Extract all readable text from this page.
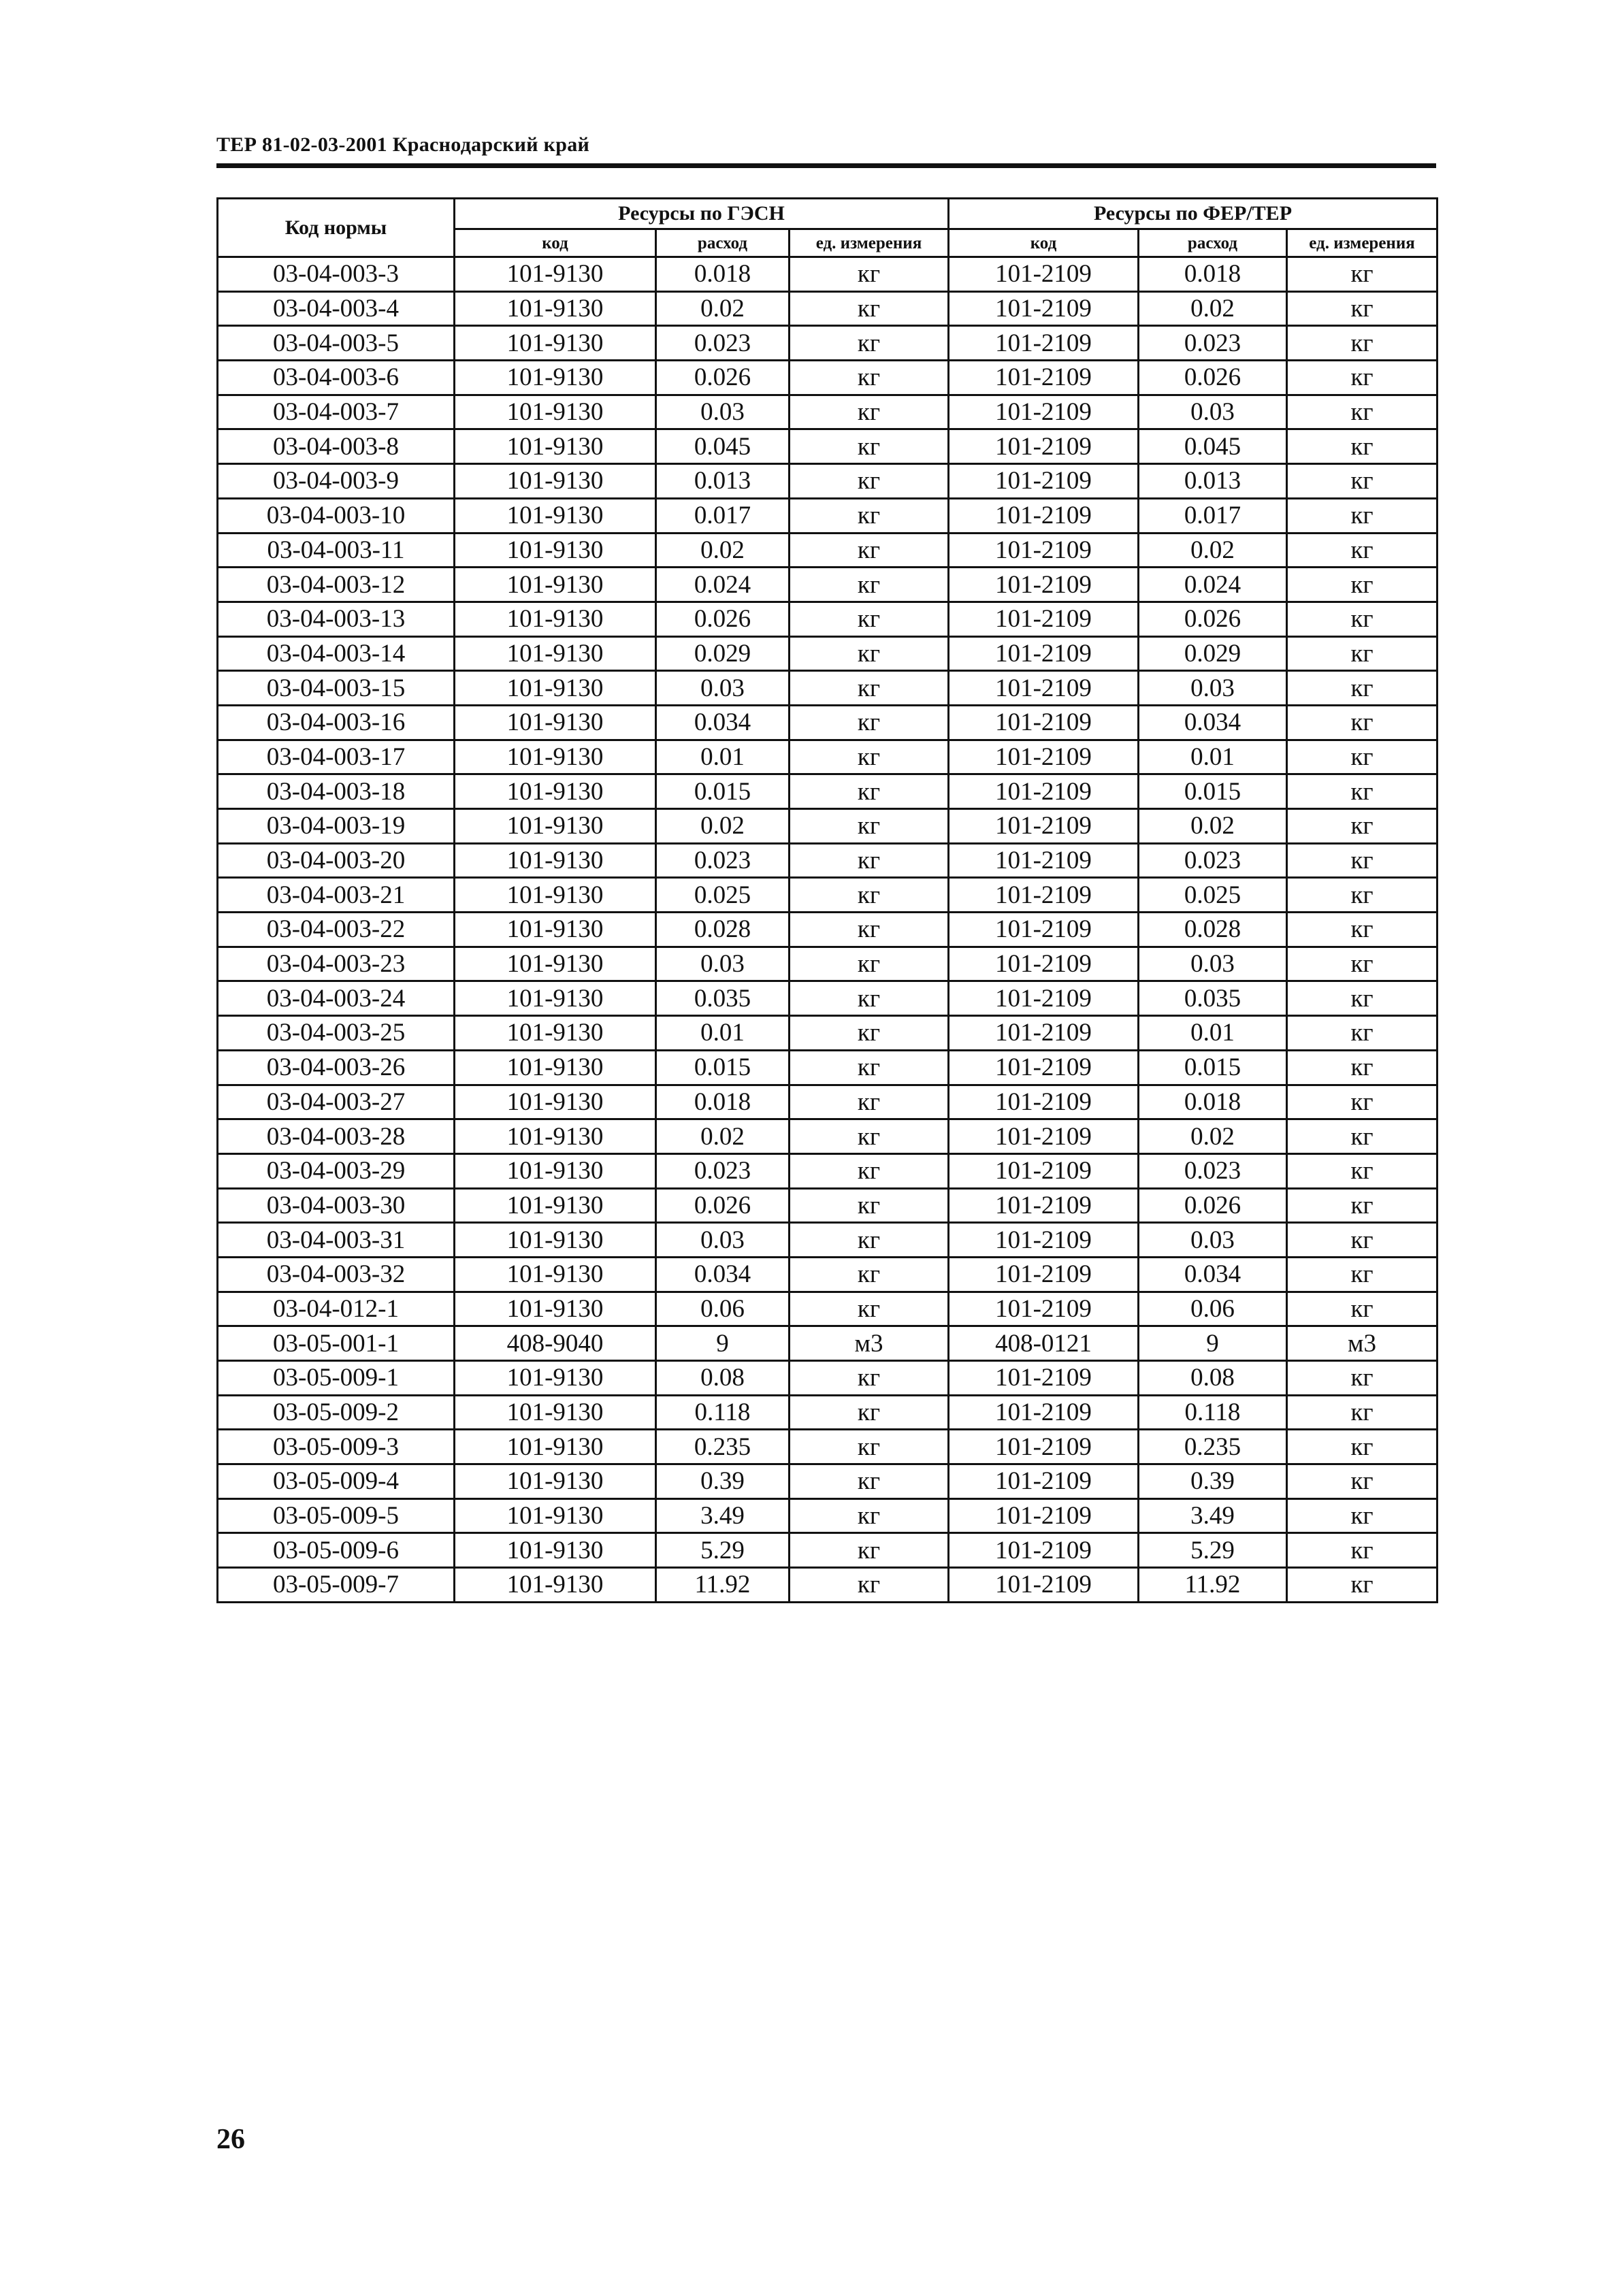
ТЕР 81-02-03-2001 Краснодарский край
Код нормы	Ресурсы по ГЭСН			Ресурсы по ФЕР/ТЕР		
	код	расход	ед. измерения	код	расход	ед. измерения
03-04-003-3	101-9130	0.018	кг	101-2109	0.018	кг
03-04-003-4	101-9130	0.02	кг	101-2109	0.02	кг
03-04-003-5	101-9130	0.023	кг	101-2109	0.023	кг
03-04-003-6	101-9130	0.026	кг	101-2109	0.026	кг
03-04-003-7	101-9130	0.03	кг	101-2109	0.03	кг
03-04-003-8	101-9130	0.045	кг	101-2109	0.045	кг
03-04-003-9	101-9130	0.013	кг	101-2109	0.013	кг
03-04-003-10	101-9130	0.017	кг	101-2109	0.017	кг
03-04-003-11	101-9130	0.02	кг	101-2109	0.02	кг
03-04-003-12	101-9130	0.024	кг	101-2109	0.024	кг
03-04-003-13	101-9130	0.026	кг	101-2109	0.026	кг
03-04-003-14	101-9130	0.029	кг	101-2109	0.029	кг
03-04-003-15	101-9130	0.03	кг	101-2109	0.03	кг
03-04-003-16	101-9130	0.034	кг	101-2109	0.034	кг
03-04-003-17	101-9130	0.01	кг	101-2109	0.01	кг
03-04-003-18	101-9130	0.015	кг	101-2109	0.015	кг
03-04-003-19	101-9130	0.02	кг	101-2109	0.02	кг
03-04-003-20	101-9130	0.023	кг	101-2109	0.023	кг
03-04-003-21	101-9130	0.025	кг	101-2109	0.025	кг
03-04-003-22	101-9130	0.028	кг	101-2109	0.028	кг
03-04-003-23	101-9130	0.03	кг	101-2109	0.03	кг
03-04-003-24	101-9130	0.035	кг	101-2109	0.035	кг
03-04-003-25	101-9130	0.01	кг	101-2109	0.01	кг
03-04-003-26	101-9130	0.015	кг	101-2109	0.015	кг
03-04-003-27	101-9130	0.018	кг	101-2109	0.018	кг
03-04-003-28	101-9130	0.02	кг	101-2109	0.02	кг
03-04-003-29	101-9130	0.023	кг	101-2109	0.023	кг
03-04-003-30	101-9130	0.026	кг	101-2109	0.026	кг
03-04-003-31	101-9130	0.03	кг	101-2109	0.03	кг
03-04-003-32	101-9130	0.034	кг	101-2109	0.034	кг
03-04-012-1	101-9130	0.06	кг	101-2109	0.06	кг
03-05-001-1	408-9040	9	м3	408-0121	9	м3
03-05-009-1	101-9130	0.08	кг	101-2109	0.08	кг
03-05-009-2	101-9130	0.118	кг	101-2109	0.118	кг
03-05-009-3	101-9130	0.235	кг	101-2109	0.235	кг
03-05-009-4	101-9130	0.39	кг	101-2109	0.39	кг
03-05-009-5	101-9130	3.49	кг	101-2109	3.49	кг
03-05-009-6	101-9130	5.29	кг	101-2109	5.29	кг
03-05-009-7	101-9130	11.92	кг	101-2109	11.92	кг
26
